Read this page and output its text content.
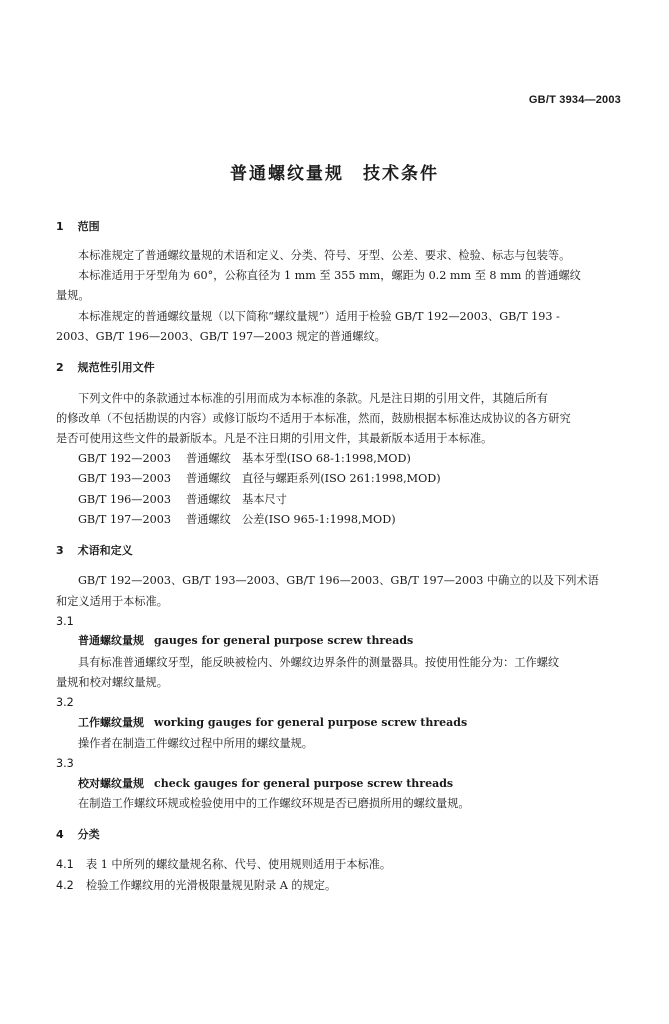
GB/T 3934—2003
普通螺纹量规　技术条件
1 范围
本标准规定了普通螺纹量规的术语和定义、分类、符号、牙型、公差、要求、检验、标志与包装等。
本标准适用于牙型角为 60°，公称直径为 1 mm 至 355 mm，螺距为 0.2 mm 至 8 mm 的普通螺纹
量规。
本标准规定的普通螺纹量规（以下简称“螺纹量规”）适用于检验 GB/T 192—2003、GB/T 193 -
2003、GB/T 196—2003、GB/T 197—2003 规定的普通螺纹。
2 规范性引用文件
下列文件中的条款通过本标准的引用而成为本标准的条款。凡是注日期的引用文件，其随后所有
的修改单（不包括勘误的内容）或修订版均不适用于本标准，然而，鼓励根据本标准达成协议的各方研究
是否可使用这些文件的最新版本。凡是不注日期的引用文件，其最新版本适用于本标准。
GB/T 192—2003 普通螺纹 基本牙型(ISO 68-1:1998,MOD)
GB/T 193—2003 普通螺纹 直径与螺距系列(ISO 261:1998,MOD)
GB/T 196—2003 普通螺纹 基本尺寸
GB/T 197—2003 普通螺纹 公差(ISO 965-1:1998,MOD)
3 术语和定义
GB/T 192—2003、GB/T 193—2003、GB/T 196—2003、GB/T 197—2003 中确立的以及下列术语
和定义适用于本标准。
3.1
普通螺纹量规 gauges for general purpose screw threads
具有标准普通螺纹牙型，能反映被检内、外螺纹边界条件的测量器具。按使用性能分为：工作螺纹
量规和校对螺纹量规。
3.2
工作螺纹量规 working gauges for general purpose screw threads
操作者在制造工件螺纹过程中所用的螺纹量规。
3.3
校对螺纹量规 check gauges for general purpose screw threads
在制造工作螺纹环规或检验使用中的工作螺纹环规是否已磨损所用的螺纹量规。
4 分类
4.1 表 1 中所列的螺纹量规名称、代号、使用规则适用于本标准。
4.2 检验工作螺纹用的光滑极限量规见附录 A 的规定。
